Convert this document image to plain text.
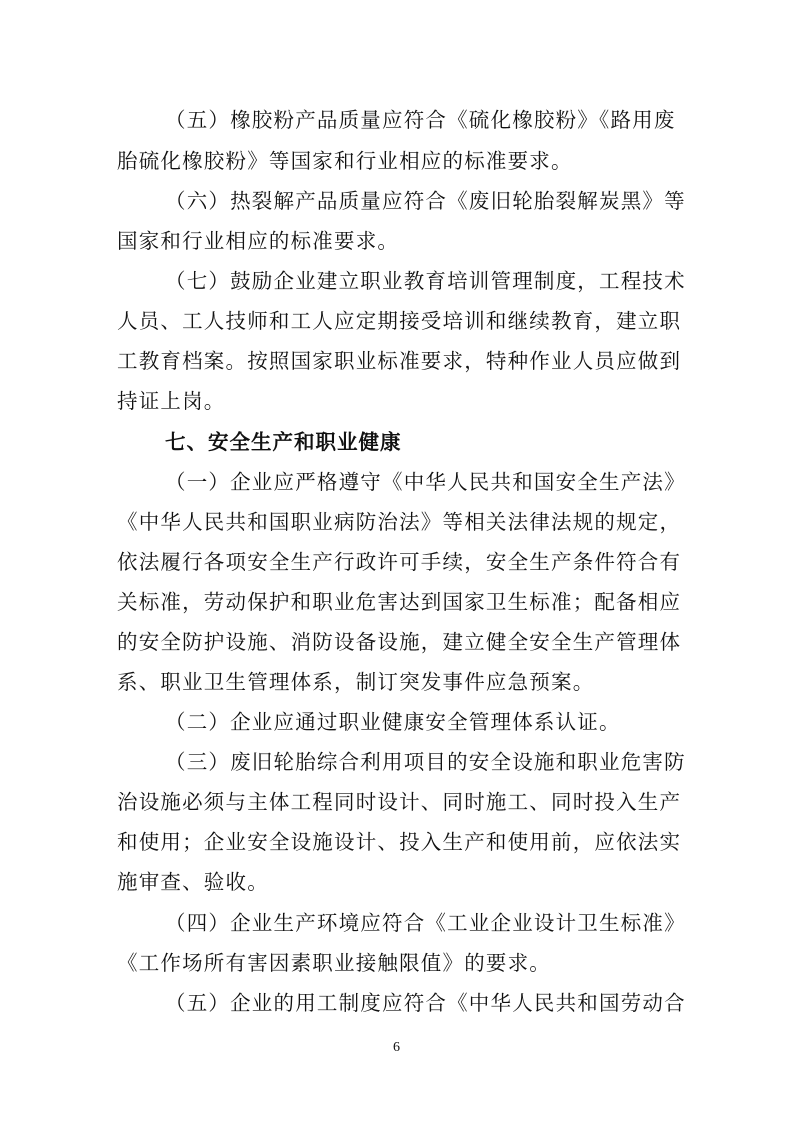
（五）橡胶粉产品质量应符合《硫化橡胶粉》《路用废
胎硫化橡胶粉》等国家和行业相应的标准要求。
（六）热裂解产品质量应符合《废旧轮胎裂解炭黑》等
国家和行业相应的标准要求。
（七）鼓励企业建立职业教育培训管理制度，工程技术
人员、工人技师和工人应定期接受培训和继续教育，建立职
工教育档案。按照国家职业标准要求，特种作业人员应做到
持证上岗。
七、安全生产和职业健康
（一）企业应严格遵守《中华人民共和国安全生产法》
《中华人民共和国职业病防治法》等相关法律法规的规定，
依法履行各项安全生产行政许可手续，安全生产条件符合有
关标准，劳动保护和职业危害达到国家卫生标准；配备相应
的安全防护设施、消防设备设施，建立健全安全生产管理体
系、职业卫生管理体系，制订突发事件应急预案。
（二）企业应通过职业健康安全管理体系认证。
（三）废旧轮胎综合利用项目的安全设施和职业危害防
治设施必须与主体工程同时设计、同时施工、同时投入生产
和使用；企业安全设施设计、投入生产和使用前，应依法实
施审查、验收。
（四）企业生产环境应符合《工业企业设计卫生标准》
《工作场所有害因素职业接触限值》的要求。
（五）企业的用工制度应符合《中华人民共和国劳动合
6
